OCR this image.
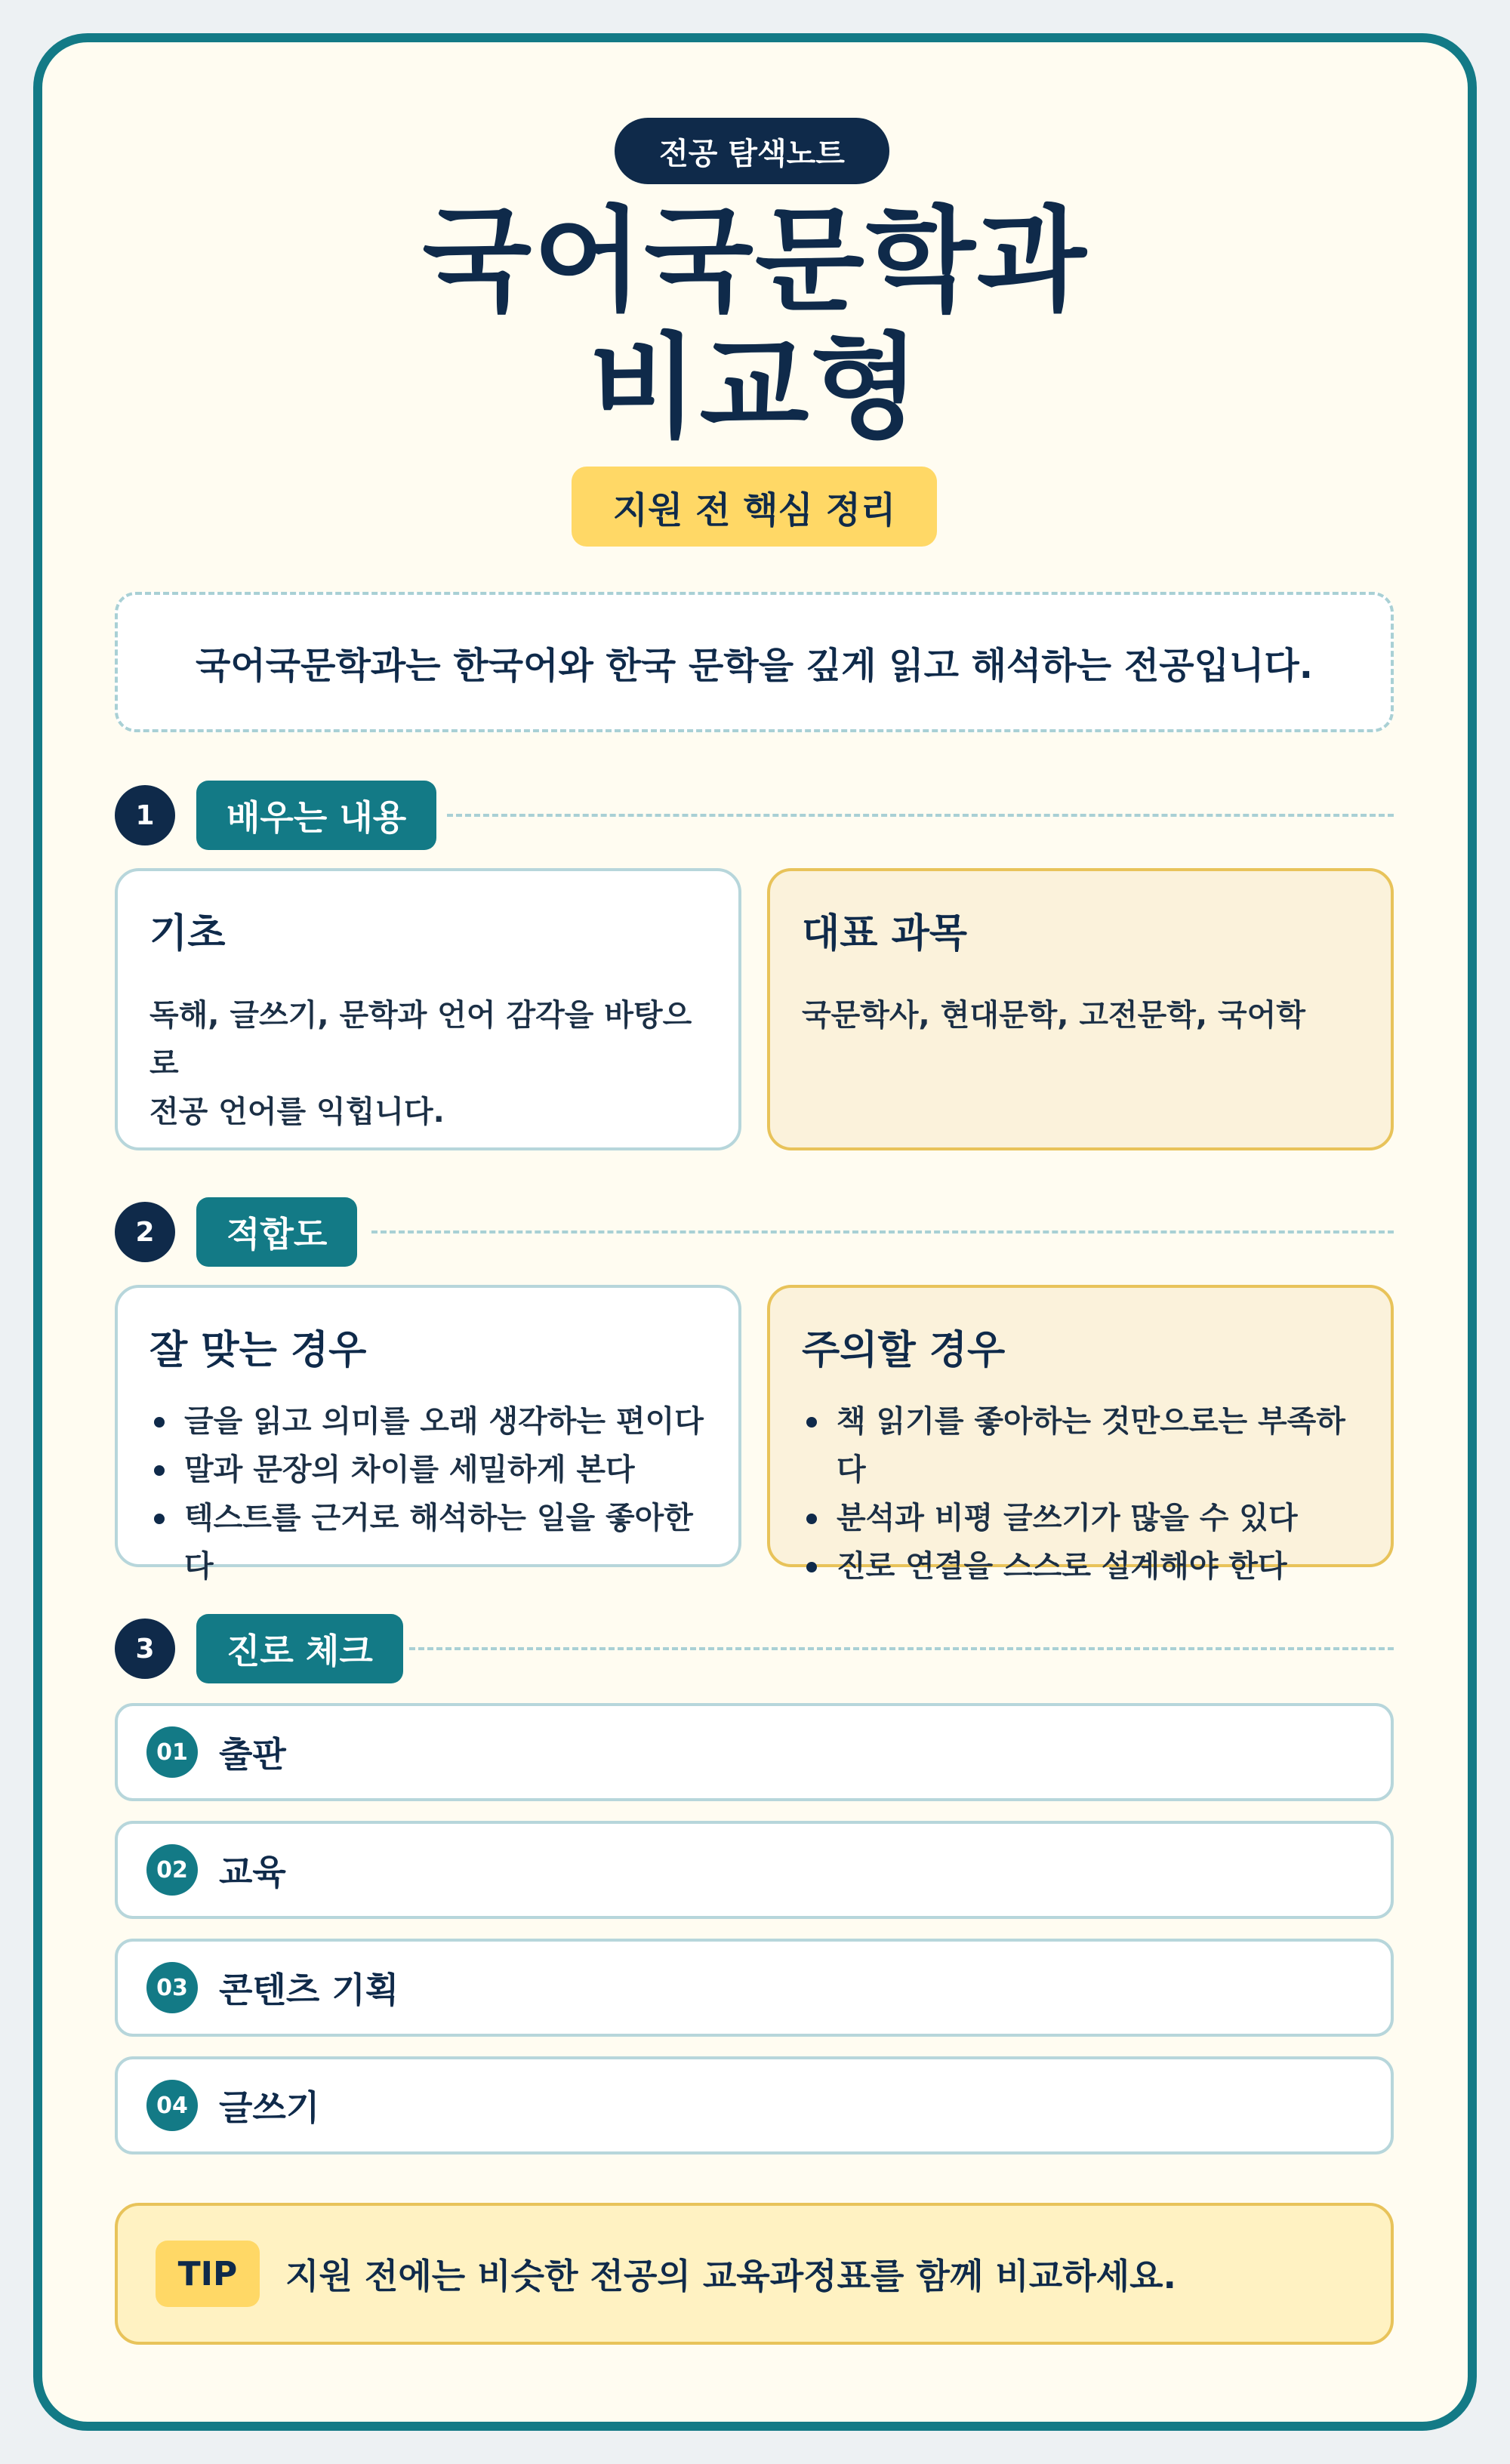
전공 탐색노트
국어국문학과
비교형
지원 전 핵심 정리
국어국문학과는 한국어와 한국 문학을 깊게 읽고 해석하는 전공입니다.
1	배우는 내용
기초

독해, 글쓰기, 문학과 언어 감각을 바탕으로
전공 언어를 익힙니다.

대표 과목

국문학사, 현대문학, 고전문학, 국어학

2	적합도
잘 맞는 경우
글을 읽고 의미를 오래 생각하는 편이다
말과 문장의 차이를 세밀하게 본다
텍스트를 근거로 해석하는 일을 좋아한다
주의할 경우
책 읽기를 좋아하는 것만으로는 부족하다
분석과 비평 글쓰기가 많을 수 있다
진로 연결을 스스로 설계해야 한다
3	진로 체크
01 출판
02 교육
03 콘텐츠 기획
04 글쓰기
TIP	지원 전에는 비슷한 전공의 교육과정표를 함께 비교하세요.
